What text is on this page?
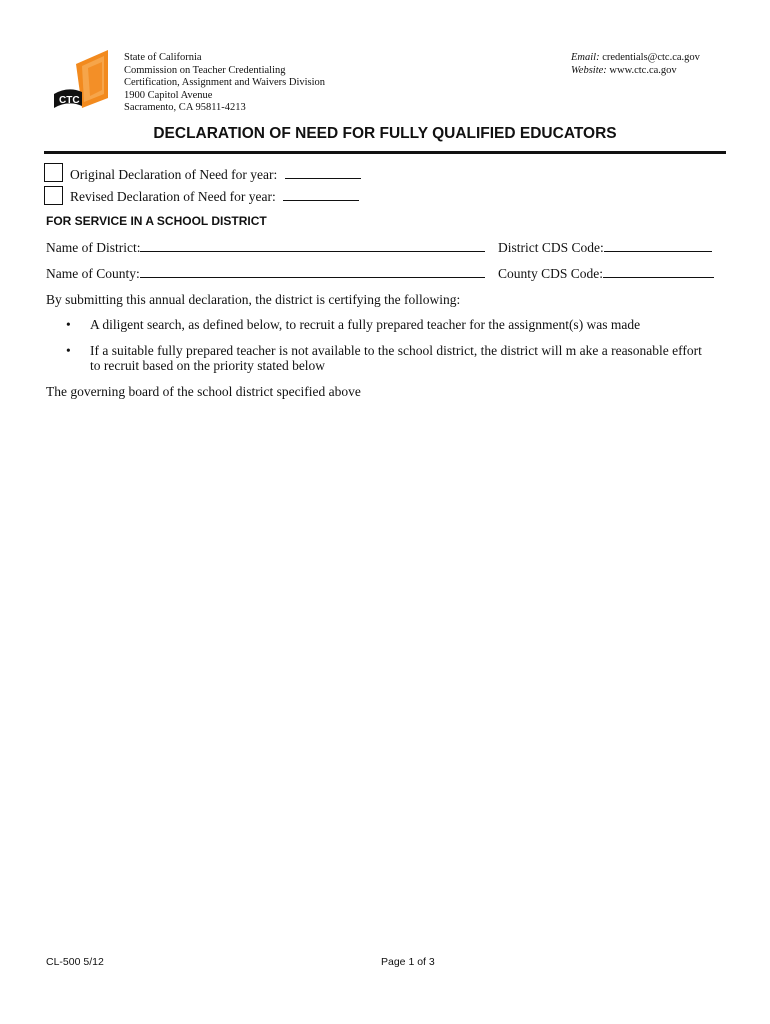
CTC
State of California
Commission on Teacher Credentialing
Certification, Assignment and Waivers Division
1900 Capitol Avenue
Sacramento, CA 95811-4213
Email: credentials@ctc.ca.gov
Website: www.ctc.ca.gov
DECLARATION OF NEED FOR FULLY QUALIFIED EDUCATORS
Original Declaration of Need for year:
Revised Declaration of Need for year:
FOR SERVICE IN A SCHOOL DISTRICT
Name of District:	District CDS Code:
Name of County:	County CDS Code:
By submitting this annual declaration, the district is certifying the following:
• A diligent search, as defined below, to recruit a fully prepared teacher for the assignment(s) was made
• If a suitable fully prepared teacher is not available to the school district, the district will m ake a reasonable effort
to recruit based on the priority stated below
The governing board of the school district specified above
CL-500 5/12	Page 1 of 3
